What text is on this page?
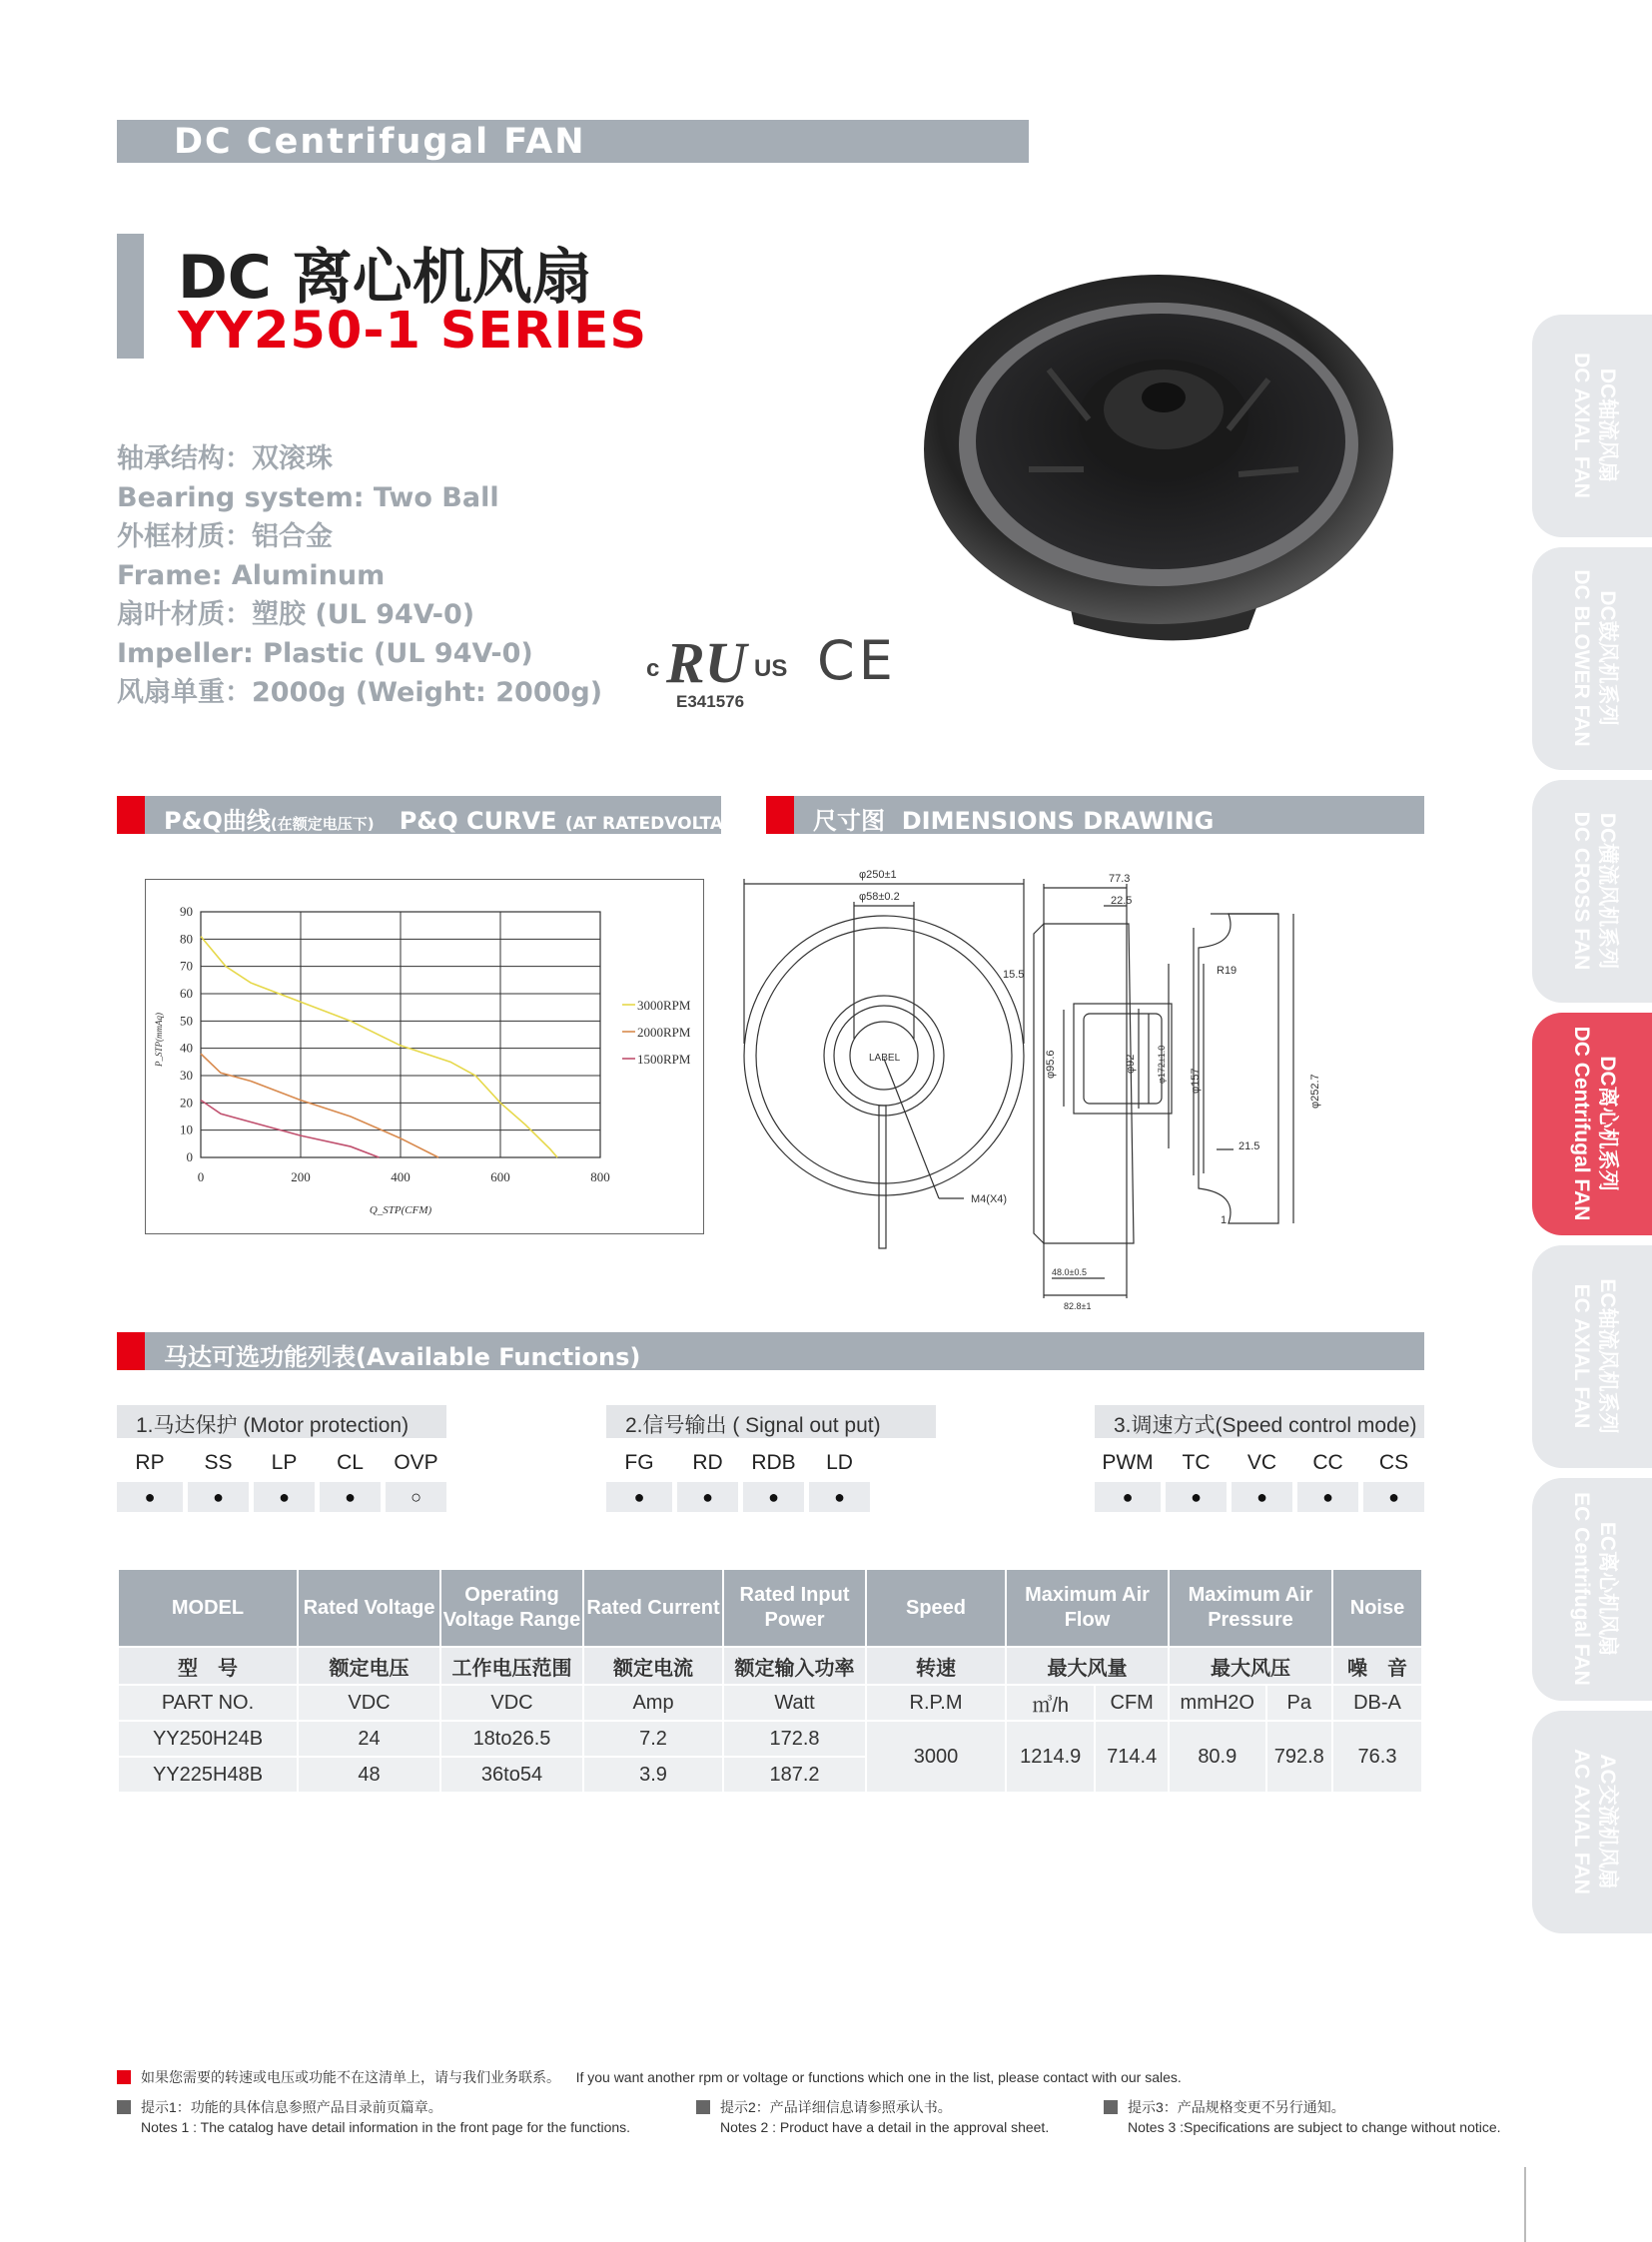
DC Centrifugal FAN
DC 离心机风扇
YY250-1 SERIES
轴承结构：双滚珠
Bearing system: Two Ball
外框材质：铝合金
Frame: Aluminum
扇叶材质：塑胶 (UL 94V-0)
Impeller: Plastic (UL 94V-0)
风扇单重：2000g (Weight: 2000g)
c RU US CE
E341576
P&Q曲线(在额定电压下) P&Q CURVE (AT RATEDVOLTAGE) 尺寸图 DIMENSIONS DRAWING
0
10
20
30
40
50
60
70
80
90
0	200	400	600	800
3000RPM
2000RPM
1500RPM
Q_STP(CFM)
P_STP(mmAq)
φ250±1
φ58±0.2
LABEL
M4(X4)
77.3
22.5
15.5
φ95.6	φ92 φ172±1.0
48.0±0.5
82.8±1
R19
φ157	φ252.7
21.5
1
马达可选功能列表(Available Functions)
1.马达保护 (Motor protection)
RP
●
SS
●
LP
●
CL
●
OVP
○
2.信号输出 ( Signal out put)
FG
●
RD
●
RDB
●
LD
●
3.调速方式(Speed control mode)
PWM
●
TC
●
VC
●
CC
●
CS
●
MODEL	Rated Voltage	Operating Voltage Range	Rated Current	Rated Input Power	Speed	Maximum Air Flow		Maximum Air Pressure		Noise
型　号	额定电压	工作电压范围	额定电流	额定输入功率	转速	最大风量		最大风压		噪　音
PART NO.	VDC	VDC	Amp	Watt	R.P.M	㎥/h	CFM	mmH2O	Pa	DB-A
YY250H24B	24	18to26.5	7.2	172.8	3000	1214.9	714.4	80.9	792.8	76.3
YY225H48B	48	36to54	3.9	187.2						
DC轴流风扇
DC AXIAL FAN
DC鼓风机系列
DC BLOWER FAN
DC横流风机系列
DC CROSS FAN
DC离心机系列
DC Centrifugal FAN
EC轴流风机系列
EC AXIAL FAN
EC离心机风扇
EC Centrifugal FAN
AC交流机风扇
AC AXIAL FAN
如果您需要的转速或电压或功能不在这清单上，请与我们业务联系。 If you want another rpm or voltage or functions which one in the list, please contact with our sales.
提示1：功能的具体信息参照产品目录前页篇章。
Notes 1 : The catalog have detail information in the front page for the functions.
提示2：产品详细信息请参照承认书。
Notes 2 : Product have a detail in the approval sheet.
提示3：产品规格变更不另行通知。
Notes 3 :Specifications are subject to change without notice.
